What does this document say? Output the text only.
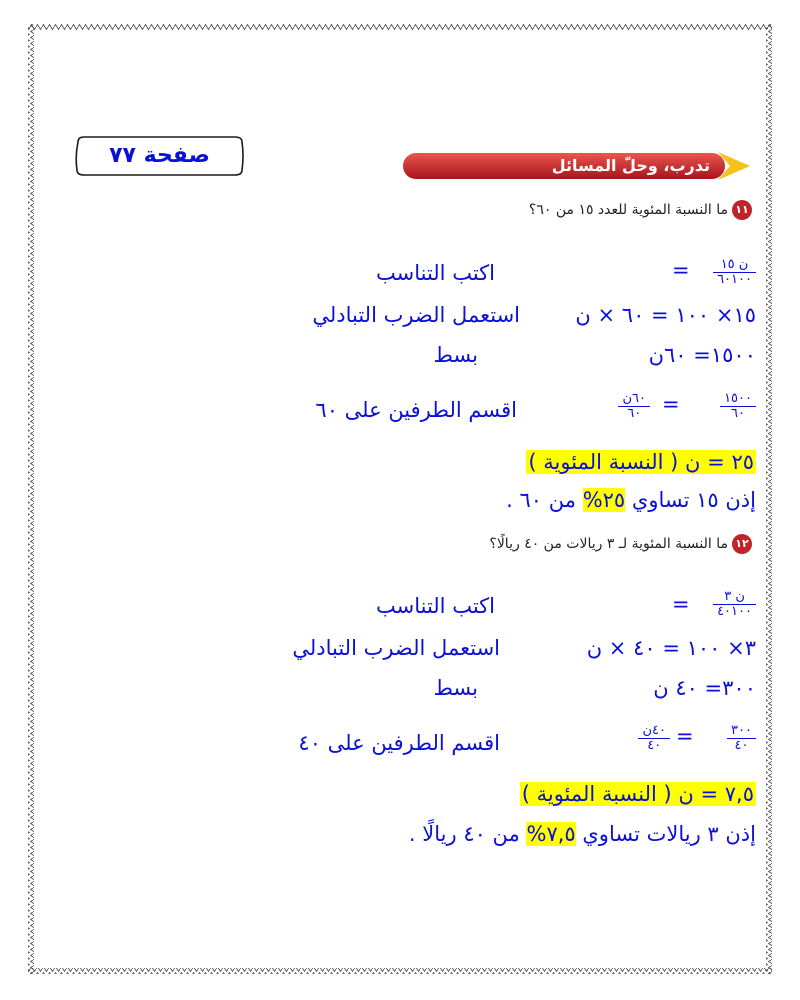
صفحة ٧٧	تدرب، وحلّ المسائل
١١
ما النسبة المئوية للعدد ١٥ من ٦٠؟
ن ١٥
٦٠١٠٠
=
اكتب التناسب
١٥× ١٠٠ = ٦٠ × ن
استعمل الضرب التبادلي
١٥٠٠= ٦٠ن
بسط
١٥٠٠
٦٠
=
٦٠ن
٦٠
اقسم الطرفين على ٦٠
٢٥ = ن ( النسبة المئوية )
إذن ١٥ تساوي ٢٥% من ٦٠ .
١٢
ما النسبة المئوية لـ ٣ ريالات من ٤٠ ريالًا؟
ن ٣
٤٠١٠٠
=
اكتب التناسب
٣× ١٠٠ = ٤٠ × ن
استعمل الضرب التبادلي
٣٠٠= ٤٠ ن
بسط
٣٠٠
٤٠
=
٤٠ن
٤٠
اقسم الطرفين على ٤٠
٧,٥ = ن ( النسبة المئوية )
إذن ٣ ريالات تساوي ٧,٥% من ٤٠ ريالًا .
